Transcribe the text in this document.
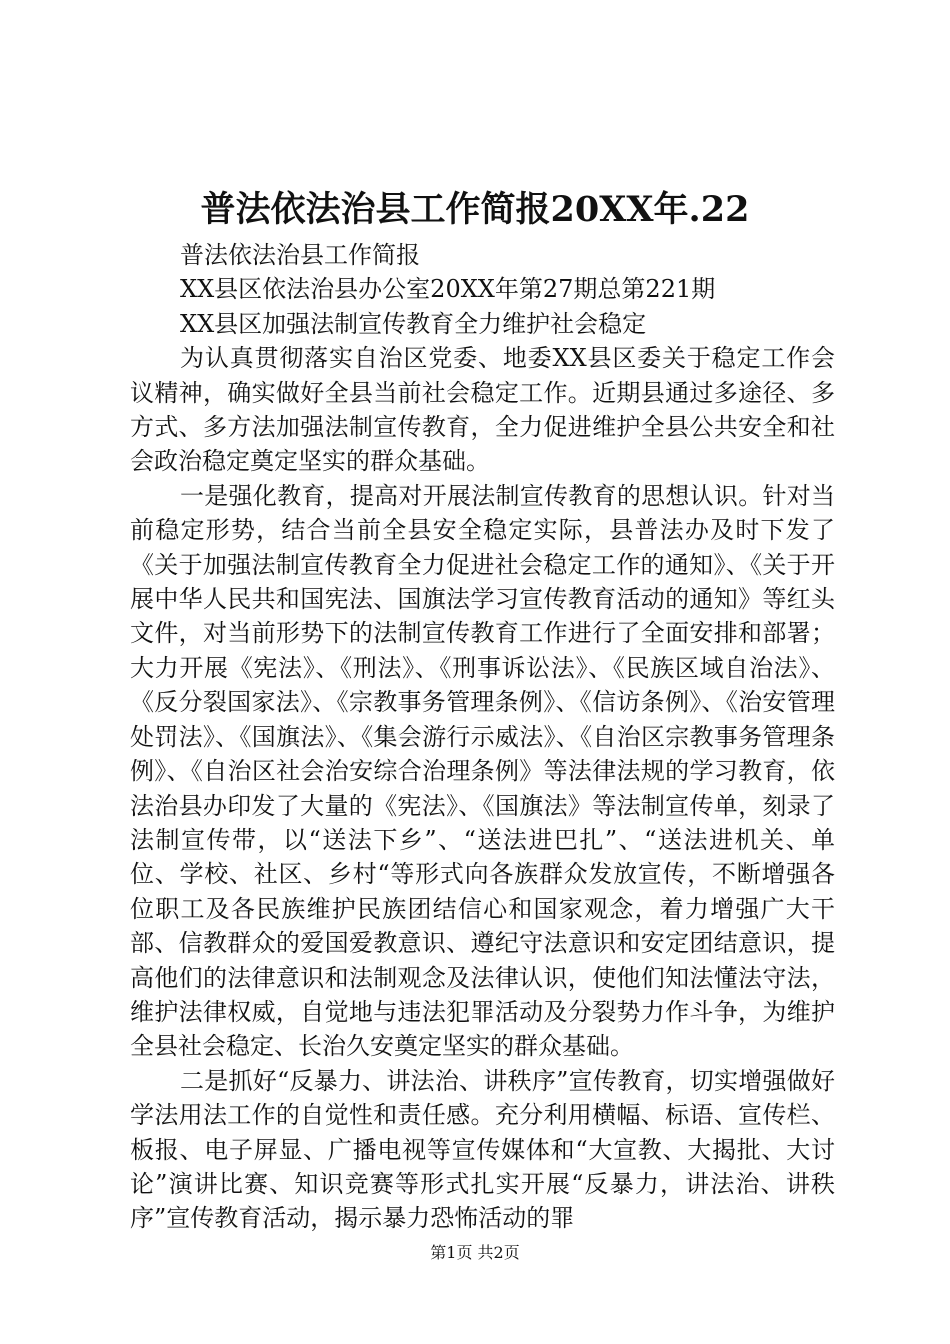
普法依法治县工作简报20XX年.22

普法依法治县工作简报

XX县区依法治县办公室20XX年第27期总第221期

XX县区加强法制宣传教育全力维护社会稳定

为认真贯彻落实自治区党委、地委XX县区委关于稳定工作会议精神，确实做好全县当前社会稳定工作。近期县通过多途径、多方式、多方法加强法制宣传教育，全力促进维护全县公共安全和社会政治稳定奠定坚实的群众基础。

一是强化教育，提高对开展法制宣传教育的思想认识。针对当前稳定形势，结合当前全县安全稳定实际，县普法办及时下发了《关于加强法制宣传教育全力促进社会稳定工作的通知》、《关于开展中华人民共和国宪法、国旗法学习宣传教育活动的通知》等红头文件，对当前形势下的法制宣传教育工作进行了全面安排和部署；大力开展《宪法》、《刑法》、《刑事诉讼法》、《民族区域自治法》、《反分裂国家法》、《宗教事务管理条例》、《信访条例》、《治安管理处罚法》、《国旗法》、《集会游行示威法》、《自治区宗教事务管理条例》、《自治区社会治安综合治理条例》等法律法规的学习教育，依法治县办印发了大量的《宪法》、《国旗法》等法制宣传单，刻录了法制宣传带，以“送法下乡”、“送法进巴扎”、“送法进机关、单位、学校、社区、乡村“等形式向各族群众发放宣传，不断增强各位职工及各民族维护民族团结信心和国家观念，着力增强广大干部、信教群众的爱国爱教意识、遵纪守法意识和安定团结意识，提高他们的法律意识和法制观念及法律认识，使他们知法懂法守法，维护法律权威，自觉地与违法犯罪活动及分裂势力作斗争，为维护全县社会稳定、长治久安奠定坚实的群众基础。

二是抓好“反暴力、讲法治、讲秩序”宣传教育，切实增强做好学法用法工作的自觉性和责任感。充分利用横幅、标语、宣传栏、板报、电子屏显、广播电视等宣传媒体和“大宣教、大揭批、大讨论”演讲比赛、知识竞赛等形式扎实开展“反暴力，讲法治、讲秩序”宣传教育活动，揭示暴力恐怖活动的罪

第1页 共2页
